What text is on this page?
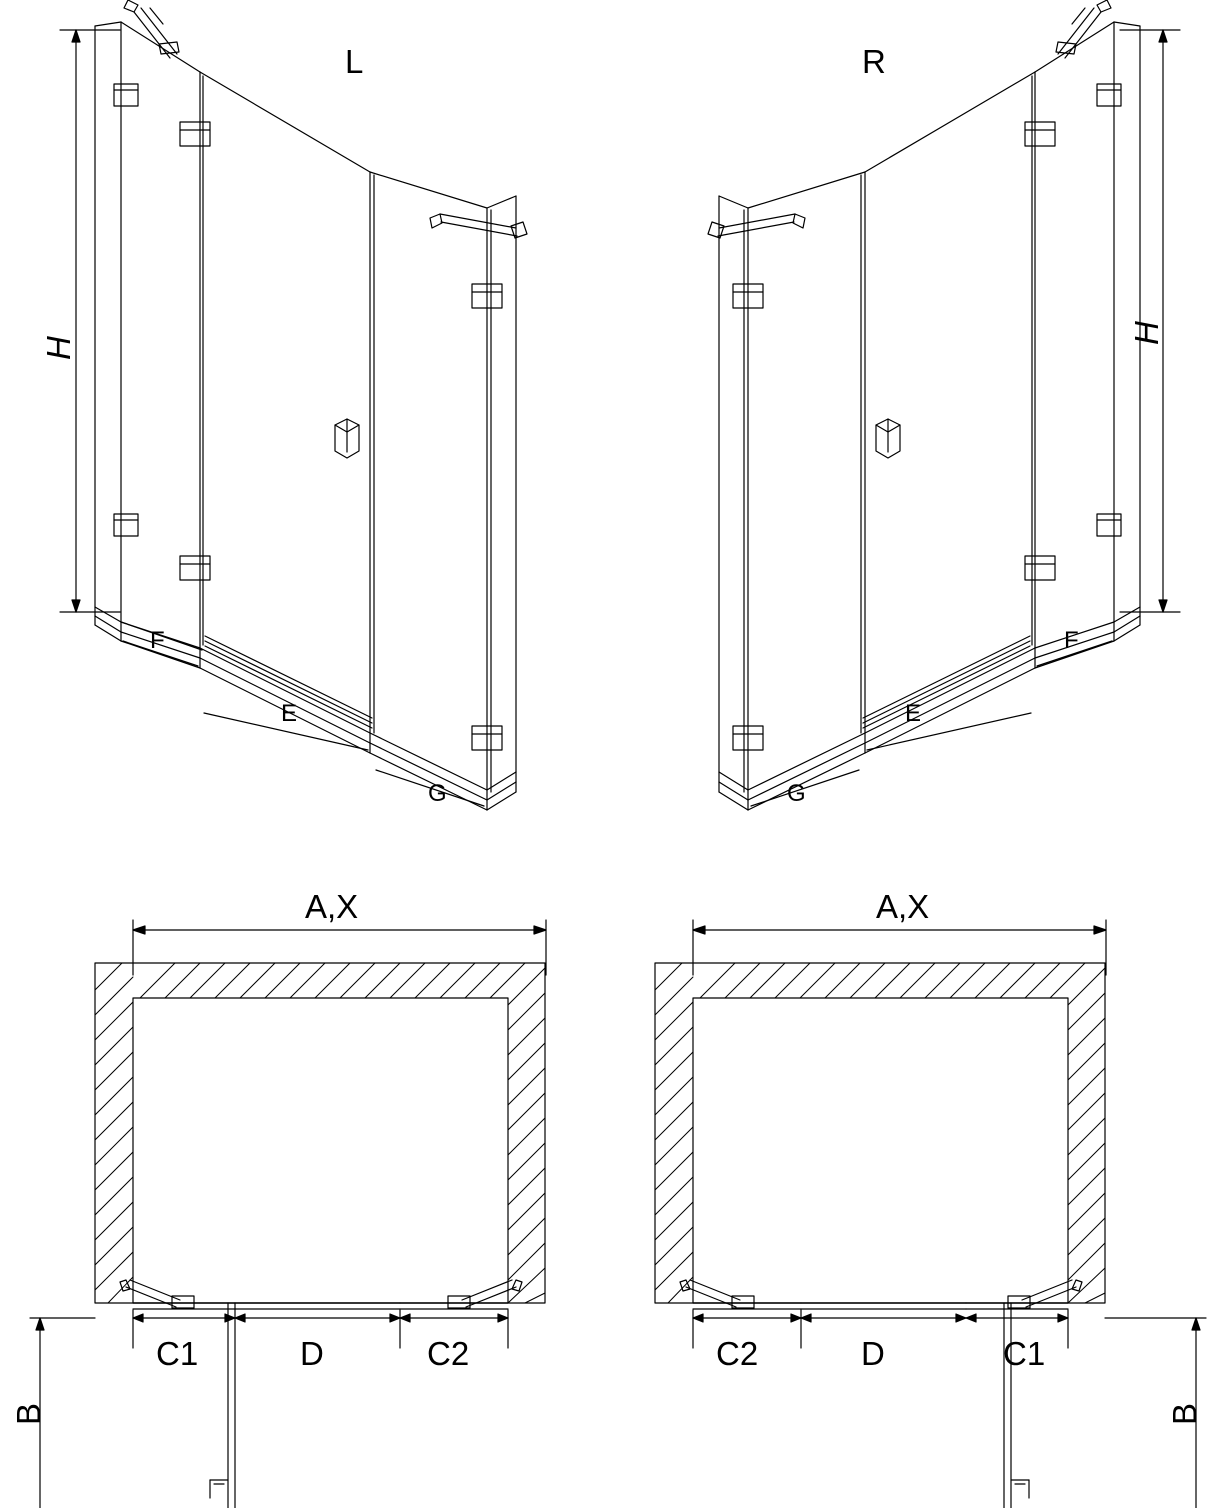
L	R
H
H
F
E
G
F
E
G
A,X	A,X
C1	D	C2	C2	D	C1
B	B
